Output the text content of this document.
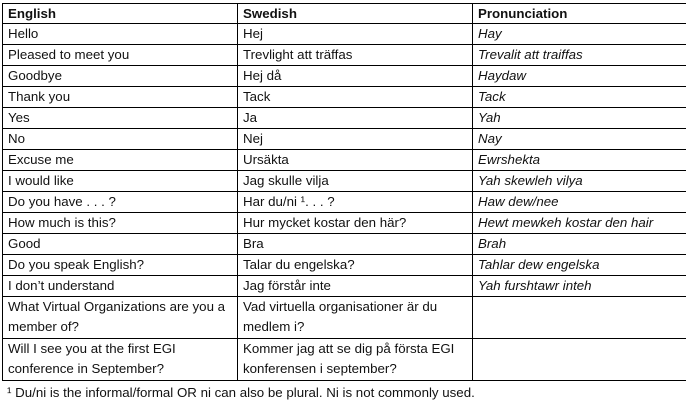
English	Swedish	Pronunciation
Hello	Hej	Hay
Pleased to meet you	Trevlight att träffas	Trevalit att traiffas
Goodbye	Hej då	Haydaw
Thank you	Tack	Tack
Yes	Ja	Yah
No	Nej	Nay
Excuse me	Ursäkta	Ewrshekta
I would like	Jag skulle vilja	Yah skewleh vilya
Do you have . . . ?	Har du/ni ¹. . . ?	Haw dew/nee
How much is this?	Hur mycket kostar den här?	Hewt mewkeh kostar den hair
Good	Bra	Brah
Do you speak English?	Talar du engelska?	Tahlar dew engelska
I don’t understand	Jag förstår inte	Yah furshtawr inteh
What Virtual Organizations are you a member of?	Vad virtuella organisationer är du medlem i?	
Will I see you at the first EGI conference in September?	Kommer jag att se dig på första EGI konferensen i september?	
¹ Du/ni is the informal/formal OR ni can also be plural. Ni is not commonly used.
